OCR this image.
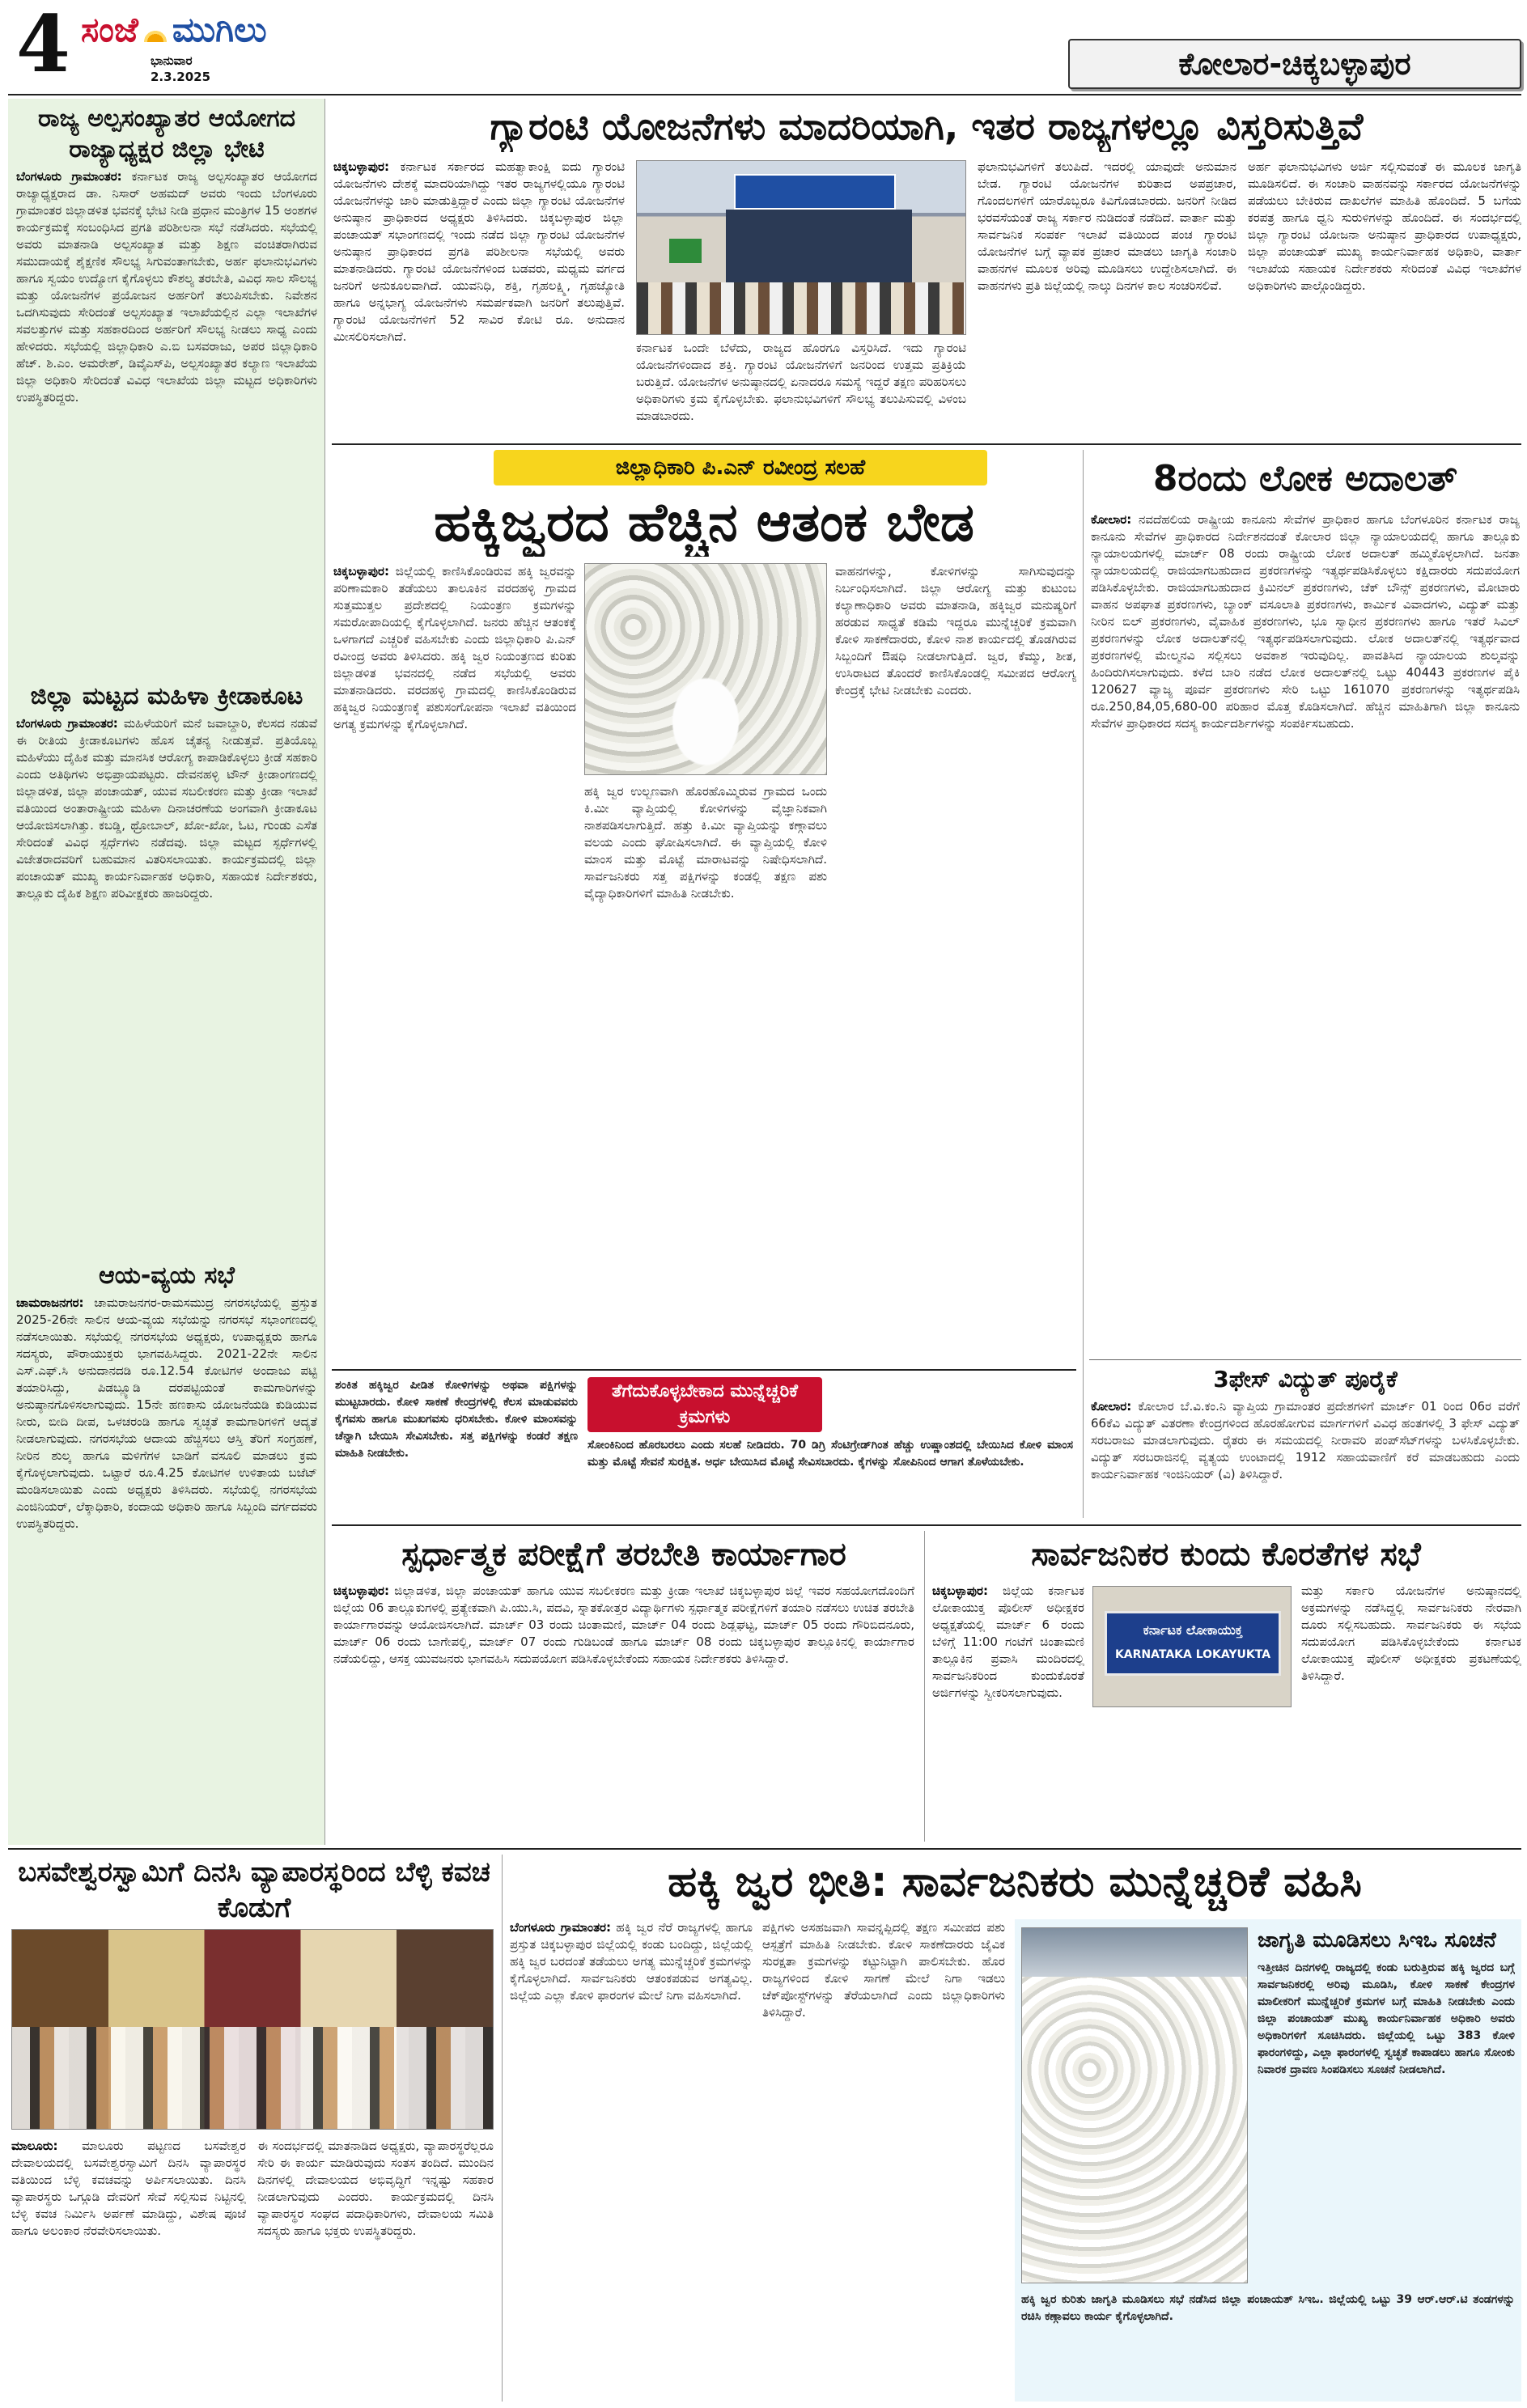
4 ಸಂಜೆ ಮುಗಿಲು
ಭಾನುವಾರ
2.3.2025	ಕೋಲಾರ-ಚಿಕ್ಕಬಳ್ಳಾಪುರ
ರಾಜ್ಯ ಅಲ್ಪಸಂಖ್ಯಾತರ ಆಯೋಗದ ರಾಜ್ಯಾಧ್ಯಕ್ಷರ ಜಿಲ್ಲಾ ಭೇಟಿ
ಬೆಂಗಳೂರು ಗ್ರಾಮಾಂತರ: ಕರ್ನಾಟಕ ರಾಜ್ಯ ಅಲ್ಪಸಂಖ್ಯಾತರ ಆಯೋಗದ ರಾಜ್ಯಾಧ್ಯಕ್ಷರಾದ ಡಾ. ನಿಸಾರ್ ಅಹಮದ್ ಅವರು ಇಂದು ಬೆಂಗಳೂರು ಗ್ರಾಮಾಂತರ ಜಿಲ್ಲಾಡಳಿತ ಭವನಕ್ಕೆ ಭೇಟಿ ನೀಡಿ ಪ್ರಧಾನ ಮಂತ್ರಿಗಳ 15 ಅಂಶಗಳ ಕಾರ್ಯಕ್ರಮಕ್ಕೆ ಸಂಬಂಧಿಸಿದ ಪ್ರಗತಿ ಪರಿಶೀಲನಾ ಸಭೆ ನಡೆಸಿದರು. ಸಭೆಯಲ್ಲಿ ಅವರು ಮಾತನಾಡಿ ಅಲ್ಪಸಂಖ್ಯಾತ ಮತ್ತು ಶಿಕ್ಷಣ ವಂಚಿತರಾಗಿರುವ ಸಮುದಾಯಕ್ಕೆ ಶೈಕ್ಷಣಿಕ ಸೌಲಭ್ಯ ಸಿಗುವಂತಾಗಬೇಕು, ಅರ್ಹ ಫಲಾನುಭವಿಗಳು ಹಾಗೂ ಸ್ವಯಂ ಉದ್ಯೋಗ ಕೈಗೊಳ್ಳಲು ಕೌಶಲ್ಯ ತರಬೇತಿ, ವಿವಿಧ ಸಾಲ ಸೌಲಭ್ಯ ಮತ್ತು ಯೋಜನೆಗಳ ಪ್ರಯೋಜನ ಅರ್ಹರಿಗೆ ತಲುಪಿಸಬೇಕು. ನಿವೇಶನ ಒದಗಿಸುವುದು ಸೇರಿದಂತೆ ಅಲ್ಪಸಂಖ್ಯಾತ ಇಲಾಖೆಯಲ್ಲಿನ ಎಲ್ಲಾ ಇಲಾಖೆಗಳ ಸವಲತ್ತುಗಳ ಮತ್ತು ಸಹಕಾರದಿಂದ ಅರ್ಹರಿಗೆ ಸೌಲಭ್ಯ ನೀಡಲು ಸಾಧ್ಯ ಎಂದು ಹೇಳಿದರು. ಸಭೆಯಲ್ಲಿ ಜಿಲ್ಲಾಧಿಕಾರಿ ಎ.ಬಿ ಬಸವರಾಜು, ಅಪರ ಜಿಲ್ಲಾಧಿಕಾರಿ ಹೆಚ್. ಶಿ.ಎಂ. ಅಮರೇಶ್, ಡಿವೈಎಸ್‌ಪಿ, ಅಲ್ಪಸಂಖ್ಯಾತರ ಕಲ್ಯಾಣ ಇಲಾಖೆಯ ಜಿಲ್ಲಾ ಅಧಿಕಾರಿ ಸೇರಿದಂತೆ ವಿವಿಧ ಇಲಾಖೆಯ ಜಿಲ್ಲಾ ಮಟ್ಟದ ಅಧಿಕಾರಿಗಳು ಉಪಸ್ಥಿತರಿದ್ದರು.
ಜಿಲ್ಲಾ ಮಟ್ಟದ ಮಹಿಳಾ ಕ್ರೀಡಾಕೂಟ
ಬೆಂಗಳೂರು ಗ್ರಾಮಾಂತರ: ಮಹಿಳೆಯರಿಗೆ ಮನೆ ಜವಾಬ್ದಾರಿ, ಕೆಲಸದ ನಡುವೆ ಈ ರೀತಿಯ ಕ್ರೀಡಾಕೂಟಗಳು ಹೊಸ ಚೈತನ್ಯ ನೀಡುತ್ತವೆ. ಪ್ರತಿಯೊಬ್ಬ ಮಹಿಳೆಯು ದೈಹಿಕ ಮತ್ತು ಮಾನಸಿಕ ಆರೋಗ್ಯ ಕಾಪಾಡಿಕೊಳ್ಳಲು ಕ್ರೀಡೆ ಸಹಕಾರಿ ಎಂದು ಅತಿಥಿಗಳು ಅಭಿಪ್ರಾಯಪಟ್ಟರು. ದೇವನಹಳ್ಳಿ ಟೌನ್ ಕ್ರೀಡಾಂಗಣದಲ್ಲಿ ಜಿಲ್ಲಾಡಳಿತ, ಜಿಲ್ಲಾ ಪಂಚಾಯತ್, ಯುವ ಸಬಲೀಕರಣ ಮತ್ತು ಕ್ರೀಡಾ ಇಲಾಖೆ ವತಿಯಿಂದ ಅಂತಾರಾಷ್ಟ್ರೀಯ ಮಹಿಳಾ ದಿನಾಚರಣೆಯ ಅಂಗವಾಗಿ ಕ್ರೀಡಾಕೂಟ ಆಯೋಜಿಸಲಾಗಿತ್ತು. ಕಬಡ್ಡಿ, ಥ್ರೋಬಾಲ್, ಖೋ-ಖೋ, ಓಟ, ಗುಂಡು ಎಸೆತ ಸೇರಿದಂತೆ ವಿವಿಧ ಸ್ಪರ್ಧೆಗಳು ನಡೆದವು. ಜಿಲ್ಲಾ ಮಟ್ಟದ ಸ್ಪರ್ಧೆಗಳಲ್ಲಿ ವಿಜೇತರಾದವರಿಗೆ ಬಹುಮಾನ ವಿತರಿಸಲಾಯಿತು. ಕಾರ್ಯಕ್ರಮದಲ್ಲಿ ಜಿಲ್ಲಾ ಪಂಚಾಯತ್ ಮುಖ್ಯ ಕಾರ್ಯನಿರ್ವಾಹಕ ಅಧಿಕಾರಿ, ಸಹಾಯಕ ನಿರ್ದೇಶಕರು, ತಾಲ್ಲೂಕು ದೈಹಿಕ ಶಿಕ್ಷಣ ಪರಿವೀಕ್ಷಕರು ಹಾಜರಿದ್ದರು.
ಆಯ-ವ್ಯಯ ಸಭೆ
ಚಾಮರಾಜನಗರ: ಚಾಮರಾಜನಗರ-ರಾಮಸಮುದ್ರ ನಗರಸಭೆಯಲ್ಲಿ ಪ್ರಸ್ತುತ 2025-26ನೇ ಸಾಲಿನ ಆಯ-ವ್ಯಯ ಸಭೆಯನ್ನು ನಗರಸಭೆ ಸಭಾಂಗಣದಲ್ಲಿ ನಡೆಸಲಾಯಿತು. ಸಭೆಯಲ್ಲಿ ನಗರಸಭೆಯ ಅಧ್ಯಕ್ಷರು, ಉಪಾಧ್ಯಕ್ಷರು ಹಾಗೂ ಸದಸ್ಯರು, ಪೌರಾಯುಕ್ತರು ಭಾಗವಹಿಸಿದ್ದರು. 2021-22ನೇ ಸಾಲಿನ ಎಸ್.ಎಫ್.ಸಿ ಅನುದಾನದಡಿ ರೂ.12.54 ಕೋಟಿಗಳ ಅಂದಾಜು ಪಟ್ಟಿ ತಯಾರಿಸಿದ್ದು, ಪಿಡಬ್ಲ್ಯೂಡಿ ದರಪಟ್ಟಿಯಂತೆ ಕಾಮಗಾರಿಗಳನ್ನು ಅನುಷ್ಠಾನಗೊಳಿಸಲಾಗುವುದು. 15ನೇ ಹಣಕಾಸು ಯೋಜನೆಯಡಿ ಕುಡಿಯುವ ನೀರು, ಬೀದಿ ದೀಪ, ಒಳಚರಂಡಿ ಹಾಗೂ ಸ್ವಚ್ಛತೆ ಕಾಮಗಾರಿಗಳಿಗೆ ಆದ್ಯತೆ ನೀಡಲಾಗುವುದು. ನಗರಸಭೆಯ ಆದಾಯ ಹೆಚ್ಚಿಸಲು ಆಸ್ತಿ ತೆರಿಗೆ ಸಂಗ್ರಹಣೆ, ನೀರಿನ ಶುಲ್ಕ ಹಾಗೂ ಮಳಿಗೆಗಳ ಬಾಡಿಗೆ ವಸೂಲಿ ಮಾಡಲು ಕ್ರಮ ಕೈಗೊಳ್ಳಲಾಗುವುದು. ಒಟ್ಟಾರೆ ರೂ.4.25 ಕೋಟಿಗಳ ಉಳಿತಾಯ ಬಜೆಟ್ ಮಂಡಿಸಲಾಯಿತು ಎಂದು ಅಧ್ಯಕ್ಷರು ತಿಳಿಸಿದರು. ಸಭೆಯಲ್ಲಿ ನಗರಸಭೆಯ ಎಂಜಿನಿಯರ್, ಲೆಕ್ಕಾಧಿಕಾರಿ, ಕಂದಾಯ ಅಧಿಕಾರಿ ಹಾಗೂ ಸಿಬ್ಬಂದಿ ವರ್ಗದವರು ಉಪಸ್ಥಿತರಿದ್ದರು.
ಗ್ಯಾರಂಟಿ ಯೋಜನೆಗಳು ಮಾದರಿಯಾಗಿ, ಇತರ ರಾಜ್ಯಗಳಲ್ಲೂ ವಿಸ್ತರಿಸುತ್ತಿವೆ
ಚಿಕ್ಕಬಳ್ಳಾಪುರ: ಕರ್ನಾಟಕ ಸರ್ಕಾರದ ಮಹತ್ವಾಕಾಂಕ್ಷಿ ಐದು ಗ್ಯಾರಂಟಿ ಯೋಜನೆಗಳು ದೇಶಕ್ಕೆ ಮಾದರಿಯಾಗಿದ್ದು ಇತರ ರಾಜ್ಯಗಳಲ್ಲಿಯೂ ಗ್ಯಾರಂಟಿ ಯೋಜನೆಗಳನ್ನು ಜಾರಿ ಮಾಡುತ್ತಿದ್ದಾರೆ ಎಂದು ಜಿಲ್ಲಾ ಗ್ಯಾರಂಟಿ ಯೋಜನೆಗಳ ಅನುಷ್ಠಾನ ಪ್ರಾಧಿಕಾರದ ಅಧ್ಯಕ್ಷರು ತಿಳಿಸಿದರು. ಚಿಕ್ಕಬಳ್ಳಾಪುರ ಜಿಲ್ಲಾ ಪಂಚಾಯತ್ ಸಭಾಂಗಣದಲ್ಲಿ ಇಂದು ನಡೆದ ಜಿಲ್ಲಾ ಗ್ಯಾರಂಟಿ ಯೋಜನೆಗಳ ಅನುಷ್ಠಾನ ಪ್ರಾಧಿಕಾರದ ಪ್ರಗತಿ ಪರಿಶೀಲನಾ ಸಭೆಯಲ್ಲಿ ಅವರು ಮಾತನಾಡಿದರು. ಗ್ಯಾರಂಟಿ ಯೋಜನೆಗಳಿಂದ ಬಡವರು, ಮಧ್ಯಮ ವರ್ಗದ ಜನರಿಗೆ ಅನುಕೂಲವಾಗಿದೆ. ಯುವನಿಧಿ, ಶಕ್ತಿ, ಗೃಹಲಕ್ಷ್ಮಿ, ಗೃಹಜ್ಯೋತಿ ಹಾಗೂ ಅನ್ನಭಾಗ್ಯ ಯೋಜನೆಗಳು ಸಮರ್ಪಕವಾಗಿ ಜನರಿಗೆ ತಲುಪುತ್ತಿವೆ. ಗ್ಯಾರಂಟಿ ಯೋಜನೆಗಳಿಗೆ 52 ಸಾವಿರ ಕೋಟಿ ರೂ. ಅನುದಾನ ಮೀಸಲಿರಿಸಲಾಗಿದೆ.
ಕರ್ನಾಟಕ ಒಂದೇ ಬೆಳೆದು, ರಾಜ್ಯದ ಹೊರಗೂ ವಿಸ್ತರಿಸಿದೆ. ಇದು ಗ್ಯಾರಂಟಿ ಯೋಜನೆಗಳಿಂದಾದ ಶಕ್ತಿ. ಗ್ಯಾರಂಟಿ ಯೋಜನೆಗಳಿಗೆ ಜನರಿಂದ ಉತ್ತಮ ಪ್ರತಿಕ್ರಿಯೆ ಬರುತ್ತಿದೆ. ಯೋಜನೆಗಳ ಅನುಷ್ಠಾನದಲ್ಲಿ ಏನಾದರೂ ಸಮಸ್ಯೆ ಇದ್ದರೆ ತಕ್ಷಣ ಪರಿಹರಿಸಲು ಅಧಿಕಾರಿಗಳು ಕ್ರಮ ಕೈಗೊಳ್ಳಬೇಕು. ಫಲಾನುಭವಿಗಳಿಗೆ ಸೌಲಭ್ಯ ತಲುಪಿಸುವಲ್ಲಿ ವಿಳಂಬ ಮಾಡಬಾರದು.
ಫಲಾನುಭವಿಗಳಿಗೆ ತಲುಪಿದೆ. ಇದರಲ್ಲಿ ಯಾವುದೇ ಅನುಮಾನ ಬೇಡ. ಗ್ಯಾರಂಟಿ ಯೋಜನೆಗಳ ಕುರಿತಾದ ಅಪಪ್ರಚಾರ, ಗೊಂದಲಗಳಿಗೆ ಯಾರೊಬ್ಬರೂ ಕಿವಿಗೊಡಬಾರದು. ಜನರಿಗೆ ನೀಡಿದ ಭರವಸೆಯಂತೆ ರಾಜ್ಯ ಸರ್ಕಾರ ನುಡಿದಂತೆ ನಡೆದಿದೆ. ವಾರ್ತಾ ಮತ್ತು ಸಾರ್ವಜನಿಕ ಸಂಪರ್ಕ ಇಲಾಖೆ ವತಿಯಿಂದ ಪಂಚ ಗ್ಯಾರಂಟಿ ಯೋಜನೆಗಳ ಬಗ್ಗೆ ವ್ಯಾಪಕ ಪ್ರಚಾರ ಮಾಡಲು ಜಾಗೃತಿ ಸಂಚಾರಿ ವಾಹನಗಳ ಮೂಲಕ ಅರಿವು ಮೂಡಿಸಲು ಉದ್ದೇಶಿಸಲಾಗಿದೆ. ಈ ವಾಹನಗಳು ಪ್ರತಿ ಜಿಲ್ಲೆಯಲ್ಲಿ ನಾಲ್ಕು ದಿನಗಳ ಕಾಲ ಸಂಚರಿಸಲಿವೆ.
ಅರ್ಹ ಫಲಾನುಭವಿಗಳು ಅರ್ಜಿ ಸಲ್ಲಿಸುವಂತೆ ಈ ಮೂಲಕ ಜಾಗೃತಿ ಮೂಡಿಸಲಿದೆ. ಈ ಸಂಚಾರಿ ವಾಹನವನ್ನು ಸರ್ಕಾರದ ಯೋಜನೆಗಳನ್ನು ಪಡೆಯಲು ಬೇಕಿರುವ ದಾಖಲೆಗಳ ಮಾಹಿತಿ ಹೊಂದಿದೆ. 5 ಬಗೆಯ ಕರಪತ್ರ ಹಾಗೂ ಧ್ವನಿ ಸುರುಳಿಗಳನ್ನು ಹೊಂದಿದೆ. ಈ ಸಂದರ್ಭದಲ್ಲಿ ಜಿಲ್ಲಾ ಗ್ಯಾರಂಟಿ ಯೋಜನಾ ಅನುಷ್ಠಾನ ಪ್ರಾಧಿಕಾರದ ಉಪಾಧ್ಯಕ್ಷರು, ಜಿಲ್ಲಾ ಪಂಚಾಯತ್ ಮುಖ್ಯ ಕಾರ್ಯನಿರ್ವಾಹಕ ಅಧಿಕಾರಿ, ವಾರ್ತಾ ಇಲಾಖೆಯ ಸಹಾಯಕ ನಿರ್ದೇಶಕರು ಸೇರಿದಂತೆ ವಿವಿಧ ಇಲಾಖೆಗಳ ಅಧಿಕಾರಿಗಳು ಪಾಲ್ಗೊಂಡಿದ್ದರು.
ಜಿಲ್ಲಾಧಿಕಾರಿ ಪಿ.ಎನ್ ರವೀಂದ್ರ ಸಲಹೆ
ಹಕ್ಕಿಜ್ವರದ ಹೆಚ್ಚಿನ ಆತಂಕ ಬೇಡ
ಚಿಕ್ಕಬಳ್ಳಾಪುರ: ಜಿಲ್ಲೆಯಲ್ಲಿ ಕಾಣಿಸಿಕೊಂಡಿರುವ ಹಕ್ಕಿ ಜ್ವರವನ್ನು ಪರಿಣಾಮಕಾರಿ ತಡೆಯಲು ತಾಲೂಕಿನ ವರದಹಳ್ಳಿ ಗ್ರಾಮದ ಸುತ್ತಮುತ್ತಲ ಪ್ರದೇಶದಲ್ಲಿ ನಿಯಂತ್ರಣ ಕ್ರಮಗಳನ್ನು ಸಮರೋಪಾದಿಯಲ್ಲಿ ಕೈಗೊಳ್ಳಲಾಗಿದೆ. ಜನರು ಹೆಚ್ಚಿನ ಆತಂಕಕ್ಕೆ ಒಳಗಾಗದೆ ಎಚ್ಚರಿಕೆ ವಹಿಸಬೇಕು ಎಂದು ಜಿಲ್ಲಾಧಿಕಾರಿ ಪಿ.ಎನ್ ರವೀಂದ್ರ ಅವರು ತಿಳಿಸಿದರು. ಹಕ್ಕಿ ಜ್ವರ ನಿಯಂತ್ರಣದ ಕುರಿತು ಜಿಲ್ಲಾಡಳಿತ ಭವನದಲ್ಲಿ ನಡೆದ ಸಭೆಯಲ್ಲಿ ಅವರು ಮಾತನಾಡಿದರು. ವರದಹಳ್ಳಿ ಗ್ರಾಮದಲ್ಲಿ ಕಾಣಿಸಿಕೊಂಡಿರುವ ಹಕ್ಕಿಜ್ವರ ನಿಯಂತ್ರಣಕ್ಕೆ ಪಶುಸಂಗೋಪನಾ ಇಲಾಖೆ ವತಿಯಿಂದ ಅಗತ್ಯ ಕ್ರಮಗಳನ್ನು ಕೈಗೊಳ್ಳಲಾಗಿದೆ.
ಹಕ್ಕಿ ಜ್ವರ ಉಲ್ಬಣವಾಗಿ ಹೊರಹೊಮ್ಮಿರುವ ಗ್ರಾಮದ ಒಂದು ಕಿ.ಮೀ ವ್ಯಾಪ್ತಿಯಲ್ಲಿ ಕೋಳಿಗಳನ್ನು ವೈಜ್ಞಾನಿಕವಾಗಿ ನಾಶಪಡಿಸಲಾಗುತ್ತಿದೆ. ಹತ್ತು ಕಿ.ಮೀ ವ್ಯಾಪ್ತಿಯನ್ನು ಕಣ್ಗಾವಲು ವಲಯ ಎಂದು ಘೋಷಿಸಲಾಗಿದೆ. ಈ ವ್ಯಾಪ್ತಿಯಲ್ಲಿ ಕೋಳಿ ಮಾಂಸ ಮತ್ತು ಮೊಟ್ಟೆ ಮಾರಾಟವನ್ನು ನಿಷೇಧಿಸಲಾಗಿದೆ. ಸಾರ್ವಜನಿಕರು ಸತ್ತ ಪಕ್ಷಿಗಳನ್ನು ಕಂಡಲ್ಲಿ ತಕ್ಷಣ ಪಶು ವೈದ್ಯಾಧಿಕಾರಿಗಳಿಗೆ ಮಾಹಿತಿ ನೀಡಬೇಕು.
ವಾಹನಗಳನ್ನು, ಕೋಳಿಗಳನ್ನು ಸಾಗಿಸುವುದನ್ನು ನಿರ್ಬಂಧಿಸಲಾಗಿದೆ. ಜಿಲ್ಲಾ ಆರೋಗ್ಯ ಮತ್ತು ಕುಟುಂಬ ಕಲ್ಯಾಣಾಧಿಕಾರಿ ಅವರು ಮಾತನಾಡಿ, ಹಕ್ಕಿಜ್ವರ ಮನುಷ್ಯರಿಗೆ ಹರಡುವ ಸಾಧ್ಯತೆ ಕಡಿಮೆ ಇದ್ದರೂ ಮುನ್ನೆಚ್ಚರಿಕೆ ಕ್ರಮವಾಗಿ ಕೋಳಿ ಸಾಕಣೆದಾರರು, ಕೋಳಿ ನಾಶ ಕಾರ್ಯದಲ್ಲಿ ತೊಡಗಿರುವ ಸಿಬ್ಬಂದಿಗೆ ಔಷಧಿ ನೀಡಲಾಗುತ್ತಿದೆ. ಜ್ವರ, ಕೆಮ್ಮು, ಶೀತ, ಉಸಿರಾಟದ ತೊಂದರೆ ಕಾಣಿಸಿಕೊಂಡಲ್ಲಿ ಸಮೀಪದ ಆರೋಗ್ಯ ಕೇಂದ್ರಕ್ಕೆ ಭೇಟಿ ನೀಡಬೇಕು ಎಂದರು.
ಶಂಕಿತ ಹಕ್ಕಿಜ್ವರ ಪೀಡಿತ ಕೋಳಿಗಳನ್ನು ಅಥವಾ ಪಕ್ಷಿಗಳನ್ನು ಮುಟ್ಟಬಾರದು. ಕೋಳಿ ಸಾಕಣೆ ಕೇಂದ್ರಗಳಲ್ಲಿ ಕೆಲಸ ಮಾಡುವವರು ಕೈಗವಸು ಹಾಗೂ ಮುಖಗವಸು ಧರಿಸಬೇಕು. ಕೋಳಿ ಮಾಂಸವನ್ನು ಚೆನ್ನಾಗಿ ಬೇಯಿಸಿ ಸೇವಿಸಬೇಕು. ಸತ್ತ ಪಕ್ಷಿಗಳನ್ನು ಕಂಡರೆ ತಕ್ಷಣ ಮಾಹಿತಿ ನೀಡಬೇಕು.
ತೆಗೆದುಕೊಳ್ಳಬೇಕಾದ ಮುನ್ನೆಚ್ಚರಿಕೆ ಕ್ರಮಗಳು
ಸೋಂಕಿನಿಂದ ಹೊರಬರಲು ಎಂದು ಸಲಹೆ ನೀಡಿದರು. 70 ಡಿಗ್ರಿ ಸೆಂಟಿಗ್ರೇಡ್‌ಗಿಂತ ಹೆಚ್ಚು ಉಷ್ಣಾಂಶದಲ್ಲಿ ಬೇಯಿಸಿದ ಕೋಳಿ ಮಾಂಸ ಮತ್ತು ಮೊಟ್ಟೆ ಸೇವನೆ ಸುರಕ್ಷಿತ. ಅರ್ಧ ಬೇಯಿಸಿದ ಮೊಟ್ಟೆ ಸೇವಿಸಬಾರದು. ಕೈಗಳನ್ನು ಸೋಪಿನಿಂದ ಆಗಾಗ ತೊಳೆಯಬೇಕು.
8ರಂದು ಲೋಕ ಅದಾಲತ್
ಕೋಲಾರ: ನವದೆಹಲಿಯ ರಾಷ್ಟ್ರೀಯ ಕಾನೂನು ಸೇವೆಗಳ ಪ್ರಾಧಿಕಾರ ಹಾಗೂ ಬೆಂಗಳೂರಿನ ಕರ್ನಾಟಕ ರಾಜ್ಯ ಕಾನೂನು ಸೇವೆಗಳ ಪ್ರಾಧಿಕಾರದ ನಿರ್ದೇಶನದಂತೆ ಕೋಲಾರ ಜಿಲ್ಲಾ ನ್ಯಾಯಾಲಯದಲ್ಲಿ ಹಾಗೂ ತಾಲ್ಲೂಕು ನ್ಯಾಯಾಲಯಗಳಲ್ಲಿ ಮಾರ್ಚ್ 08 ರಂದು ರಾಷ್ಟ್ರೀಯ ಲೋಕ ಅದಾಲತ್ ಹಮ್ಮಿಕೊಳ್ಳಲಾಗಿದೆ. ಜನತಾ ನ್ಯಾಯಾಲಯದಲ್ಲಿ ರಾಜಿಯಾಗಬಹುದಾದ ಪ್ರಕರಣಗಳನ್ನು ಇತ್ಯರ್ಥಪಡಿಸಿಕೊಳ್ಳಲು ಕಕ್ಷಿದಾರರು ಸದುಪಯೋಗ ಪಡಿಸಿಕೊಳ್ಳಬೇಕು. ರಾಜಿಯಾಗಬಹುದಾದ ಕ್ರಿಮಿನಲ್ ಪ್ರಕರಣಗಳು, ಚೆಕ್ ಬೌನ್ಸ್ ಪ್ರಕರಣಗಳು, ಮೋಟಾರು ವಾಹನ ಅಪಘಾತ ಪ್ರಕರಣಗಳು, ಬ್ಯಾಂಕ್ ವಸೂಲಾತಿ ಪ್ರಕರಣಗಳು, ಕಾರ್ಮಿಕ ವಿವಾದಗಳು, ವಿದ್ಯುತ್ ಮತ್ತು ನೀರಿನ ಬಿಲ್ ಪ್ರಕರಣಗಳು, ವೈವಾಹಿಕ ಪ್ರಕರಣಗಳು, ಭೂ ಸ್ವಾಧೀನ ಪ್ರಕರಣಗಳು ಹಾಗೂ ಇತರೆ ಸಿವಿಲ್ ಪ್ರಕರಣಗಳನ್ನು ಲೋಕ ಅದಾಲತ್‌ನಲ್ಲಿ ಇತ್ಯರ್ಥಪಡಿಸಲಾಗುವುದು. ಲೋಕ ಅದಾಲತ್‌ನಲ್ಲಿ ಇತ್ಯರ್ಥವಾದ ಪ್ರಕರಣಗಳಲ್ಲಿ ಮೇಲ್ಮನವಿ ಸಲ್ಲಿಸಲು ಅವಕಾಶ ಇರುವುದಿಲ್ಲ. ಪಾವತಿಸಿದ ನ್ಯಾಯಾಲಯ ಶುಲ್ಕವನ್ನು ಹಿಂದಿರುಗಿಸಲಾಗುವುದು. ಕಳೆದ ಬಾರಿ ನಡೆದ ಲೋಕ ಅದಾಲತ್‌ನಲ್ಲಿ ಒಟ್ಟು 40443 ಪ್ರಕರಣಗಳ ಪೈಕಿ 120627 ವ್ಯಾಜ್ಯ ಪೂರ್ವ ಪ್ರಕರಣಗಳು ಸೇರಿ ಒಟ್ಟು 161070 ಪ್ರಕರಣಗಳನ್ನು ಇತ್ಯರ್ಥಪಡಿಸಿ ರೂ.250,84,05,680-00 ಪರಿಹಾರ ಮೊತ್ತ ಕೊಡಿಸಲಾಗಿದೆ. ಹೆಚ್ಚಿನ ಮಾಹಿತಿಗಾಗಿ ಜಿಲ್ಲಾ ಕಾನೂನು ಸೇವೆಗಳ ಪ್ರಾಧಿಕಾರದ ಸದಸ್ಯ ಕಾರ್ಯದರ್ಶಿಗಳನ್ನು ಸಂಪರ್ಕಿಸಬಹುದು.
3ಫೇಸ್ ವಿದ್ಯುತ್ ಪೂರೈಕೆ
ಕೋಲಾರ: ಕೋಲಾರ ಬೆ.ವಿ.ಕಂ.ನಿ ವ್ಯಾಪ್ತಿಯ ಗ್ರಾಮಾಂತರ ಪ್ರದೇಶಗಳಿಗೆ ಮಾರ್ಚ್ 01 ರಿಂದ 06ರ ವರೆಗೆ 66ಕೆವಿ ವಿದ್ಯುತ್ ವಿತರಣಾ ಕೇಂದ್ರಗಳಿಂದ ಹೊರಹೋಗುವ ಮಾರ್ಗಗಳಿಗೆ ವಿವಿಧ ಹಂತಗಳಲ್ಲಿ 3 ಫೇಸ್ ವಿದ್ಯುತ್ ಸರಬರಾಜು ಮಾಡಲಾಗುವುದು. ರೈತರು ಈ ಸಮಯದಲ್ಲಿ ನೀರಾವರಿ ಪಂಪ್‌ಸೆಟ್‌ಗಳನ್ನು ಬಳಸಿಕೊಳ್ಳಬೇಕು. ವಿದ್ಯುತ್ ಸರಬರಾಜಿನಲ್ಲಿ ವ್ಯತ್ಯಯ ಉಂಟಾದಲ್ಲಿ 1912 ಸಹಾಯವಾಣಿಗೆ ಕರೆ ಮಾಡಬಹುದು ಎಂದು ಕಾರ್ಯನಿರ್ವಾಹಕ ಇಂಜಿನಿಯರ್ (ವಿ) ತಿಳಿಸಿದ್ದಾರೆ.
ಸ್ಪರ್ಧಾತ್ಮಕ ಪರೀಕ್ಷೆಗೆ ತರಬೇತಿ ಕಾರ್ಯಾಗಾರ
ಚಿಕ್ಕಬಳ್ಳಾಪುರ: ಜಿಲ್ಲಾಡಳಿತ, ಜಿಲ್ಲಾ ಪಂಚಾಯತ್ ಹಾಗೂ ಯುವ ಸಬಲೀಕರಣ ಮತ್ತು ಕ್ರೀಡಾ ಇಲಾಖೆ ಚಿಕ್ಕಬಳ್ಳಾಪುರ ಜಿಲ್ಲೆ ಇವರ ಸಹಯೋಗದೊಂದಿಗೆ ಜಿಲ್ಲೆಯ 06 ತಾಲ್ಲೂಕುಗಳಲ್ಲಿ ಪ್ರತ್ಯೇಕವಾಗಿ ಪಿ.ಯು.ಸಿ, ಪದವಿ, ಸ್ನಾತಕೋತ್ತರ ವಿದ್ಯಾರ್ಥಿಗಳು ಸ್ಪರ್ಧಾತ್ಮಕ ಪರೀಕ್ಷೆಗಳಿಗೆ ತಯಾರಿ ನಡೆಸಲು ಉಚಿತ ತರಬೇತಿ ಕಾರ್ಯಾಗಾರವನ್ನು ಆಯೋಜಿಸಲಾಗಿದೆ. ಮಾರ್ಚ್ 03 ರಂದು ಚಿಂತಾಮಣಿ, ಮಾರ್ಚ್ 04 ರಂದು ಶಿಡ್ಲಘಟ್ಟ, ಮಾರ್ಚ್ 05 ರಂದು ಗೌರಿಬಿದನೂರು, ಮಾರ್ಚ್ 06 ರಂದು ಬಾಗೇಪಲ್ಲಿ, ಮಾರ್ಚ್ 07 ರಂದು ಗುಡಿಬಂಡೆ ಹಾಗೂ ಮಾರ್ಚ್ 08 ರಂದು ಚಿಕ್ಕಬಳ್ಳಾಪುರ ತಾಲ್ಲೂಕಿನಲ್ಲಿ ಕಾರ್ಯಾಗಾರ ನಡೆಯಲಿದ್ದು, ಆಸಕ್ತ ಯುವಜನರು ಭಾಗವಹಿಸಿ ಸದುಪಯೋಗ ಪಡಿಸಿಕೊಳ್ಳಬೇಕೆಂದು ಸಹಾಯಕ ನಿರ್ದೇಶಕರು ತಿಳಿಸಿದ್ದಾರೆ.
ಸಾರ್ವಜನಿಕರ ಕುಂದು ಕೊರತೆಗಳ ಸಭೆ
ಚಿಕ್ಕಬಳ್ಳಾಪುರ: ಜಿಲ್ಲೆಯ ಕರ್ನಾಟಕ ಲೋಕಾಯುಕ್ತ ಪೊಲೀಸ್ ಅಧೀಕ್ಷಕರ ಅಧ್ಯಕ್ಷತೆಯಲ್ಲಿ ಮಾರ್ಚ್ 6 ರಂದು ಬೆಳಿಗ್ಗೆ 11:00 ಗಂಟೆಗೆ ಚಿಂತಾಮಣಿ ತಾಲ್ಲೂಕಿನ ಪ್ರವಾಸಿ ಮಂದಿರದಲ್ಲಿ ಸಾರ್ವಜನಿಕರಿಂದ ಕುಂದುಕೊರತೆ ಅರ್ಜಿಗಳನ್ನು ಸ್ವೀಕರಿಸಲಾಗುವುದು.
ಕರ್ನಾಟಕ ಲೋಕಾಯುಕ್ತ
KARNATAKA LOKAYUKTA
ಮತ್ತು ಸರ್ಕಾರಿ ಯೋಜನೆಗಳ ಅನುಷ್ಠಾನದಲ್ಲಿ ಅಕ್ರಮಗಳನ್ನು ನಡೆಸಿದ್ದಲ್ಲಿ ಸಾರ್ವಜನಿಕರು ನೇರವಾಗಿ ದೂರು ಸಲ್ಲಿಸಬಹುದು. ಸಾರ್ವಜನಿಕರು ಈ ಸಭೆಯ ಸದುಪಯೋಗ ಪಡಿಸಿಕೊಳ್ಳಬೇಕೆಂದು ಕರ್ನಾಟಕ ಲೋಕಾಯುಕ್ತ ಪೊಲೀಸ್ ಅಧೀಕ್ಷಕರು ಪ್ರಕಟಣೆಯಲ್ಲಿ ತಿಳಿಸಿದ್ದಾರೆ.
ಬಸವೇಶ್ವರಸ್ವಾಮಿಗೆ ದಿನಸಿ ವ್ಯಾಪಾರಸ್ಥರಿಂದ ಬೆಳ್ಳಿ ಕವಚ ಕೊಡುಗೆ
ಮಾಲೂರು: ಮಾಲೂರು ಪಟ್ಟಣದ ಬಸವೇಶ್ವರ ದೇವಾಲಯದಲ್ಲಿ ಬಸವೇಶ್ವರಸ್ವಾಮಿಗೆ ದಿನಸಿ ವ್ಯಾಪಾರಸ್ಥರ ವತಿಯಿಂದ ಬೆಳ್ಳಿ ಕವಚವನ್ನು ಅರ್ಪಿಸಲಾಯಿತು. ದಿನಸಿ ವ್ಯಾಪಾರಸ್ಥರು ಒಗ್ಗೂಡಿ ದೇವರಿಗೆ ಸೇವೆ ಸಲ್ಲಿಸುವ ನಿಟ್ಟಿನಲ್ಲಿ ಬೆಳ್ಳಿ ಕವಚ ನಿರ್ಮಿಸಿ ಅರ್ಪಣೆ ಮಾಡಿದ್ದು, ವಿಶೇಷ ಪೂಜೆ ಹಾಗೂ ಅಲಂಕಾರ ನೆರವೇರಿಸಲಾಯಿತು.
ಈ ಸಂದರ್ಭದಲ್ಲಿ ಮಾತನಾಡಿದ ಅಧ್ಯಕ್ಷರು, ವ್ಯಾಪಾರಸ್ಥರೆಲ್ಲರೂ ಸೇರಿ ಈ ಕಾರ್ಯ ಮಾಡಿರುವುದು ಸಂತಸ ತಂದಿದೆ. ಮುಂದಿನ ದಿನಗಳಲ್ಲಿ ದೇವಾಲಯದ ಅಭಿವೃದ್ಧಿಗೆ ಇನ್ನಷ್ಟು ಸಹಕಾರ ನೀಡಲಾಗುವುದು ಎಂದರು. ಕಾರ್ಯಕ್ರಮದಲ್ಲಿ ದಿನಸಿ ವ್ಯಾಪಾರಸ್ಥರ ಸಂಘದ ಪದಾಧಿಕಾರಿಗಳು, ದೇವಾಲಯ ಸಮಿತಿ ಸದಸ್ಯರು ಹಾಗೂ ಭಕ್ತರು ಉಪಸ್ಥಿತರಿದ್ದರು.
ಹಕ್ಕಿ ಜ್ವರ ಭೀತಿ: ಸಾರ್ವಜನಿಕರು ಮುನ್ನೆಚ್ಚರಿಕೆ ವಹಿಸಿ
ಬೆಂಗಳೂರು ಗ್ರಾಮಾಂತರ: ಹಕ್ಕಿ ಜ್ವರ ನೆರೆ ರಾಜ್ಯಗಳಲ್ಲಿ ಹಾಗೂ ಪ್ರಸ್ತುತ ಚಿಕ್ಕಬಳ್ಳಾಪುರ ಜಿಲ್ಲೆಯಲ್ಲಿ ಕಂಡು ಬಂದಿದ್ದು, ಜಿಲ್ಲೆಯಲ್ಲಿ ಹಕ್ಕಿ ಜ್ವರ ಬರದಂತೆ ತಡೆಯಲು ಅಗತ್ಯ ಮುನ್ನೆಚ್ಚರಿಕೆ ಕ್ರಮಗಳನ್ನು ಕೈಗೊಳ್ಳಲಾಗಿದೆ. ಸಾರ್ವಜನಿಕರು ಆತಂಕಪಡುವ ಅಗತ್ಯವಿಲ್ಲ. ಜಿಲ್ಲೆಯ ಎಲ್ಲಾ ಕೋಳಿ ಫಾರಂಗಳ ಮೇಲೆ ನಿಗಾ ವಹಿಸಲಾಗಿದೆ.
ಪಕ್ಷಿಗಳು ಅಸಹಜವಾಗಿ ಸಾವನ್ನಪ್ಪಿದಲ್ಲಿ ತಕ್ಷಣ ಸಮೀಪದ ಪಶು ಆಸ್ಪತ್ರೆಗೆ ಮಾಹಿತಿ ನೀಡಬೇಕು. ಕೋಳಿ ಸಾಕಣೆದಾರರು ಜೈವಿಕ ಸುರಕ್ಷತಾ ಕ್ರಮಗಳನ್ನು ಕಟ್ಟುನಿಟ್ಟಾಗಿ ಪಾಲಿಸಬೇಕು. ಹೊರ ರಾಜ್ಯಗಳಿಂದ ಕೋಳಿ ಸಾಗಣೆ ಮೇಲೆ ನಿಗಾ ಇಡಲು ಚೆಕ್‌ಪೋಸ್ಟ್‌ಗಳನ್ನು ತೆರೆಯಲಾಗಿದೆ ಎಂದು ಜಿಲ್ಲಾಧಿಕಾರಿಗಳು ತಿಳಿಸಿದ್ದಾರೆ.
ಜಾಗೃತಿ ಮೂಡಿಸಲು ಸಿಇಒ ಸೂಚನೆ
ಇತ್ತೀಚಿನ ದಿನಗಳಲ್ಲಿ ರಾಜ್ಯದಲ್ಲಿ ಕಂಡು ಬರುತ್ತಿರುವ ಹಕ್ಕಿ ಜ್ವರದ ಬಗ್ಗೆ ಸಾರ್ವಜನಿಕರಲ್ಲಿ ಅರಿವು ಮೂಡಿಸಿ, ಕೋಳಿ ಸಾಕಣೆ ಕೇಂದ್ರಗಳ ಮಾಲೀಕರಿಗೆ ಮುನ್ನೆಚ್ಚರಿಕೆ ಕ್ರಮಗಳ ಬಗ್ಗೆ ಮಾಹಿತಿ ನೀಡಬೇಕು ಎಂದು ಜಿಲ್ಲಾ ಪಂಚಾಯತ್ ಮುಖ್ಯ ಕಾರ್ಯನಿರ್ವಾಹಕ ಅಧಿಕಾರಿ ಅವರು ಅಧಿಕಾರಿಗಳಿಗೆ ಸೂಚಿಸಿದರು. ಜಿಲ್ಲೆಯಲ್ಲಿ ಒಟ್ಟು 383 ಕೋಳಿ ಫಾರಂಗಳಿದ್ದು, ಎಲ್ಲಾ ಫಾರಂಗಳಲ್ಲಿ ಸ್ವಚ್ಛತೆ ಕಾಪಾಡಲು ಹಾಗೂ ಸೋಂಕು ನಿವಾರಕ ದ್ರಾವಣ ಸಿಂಪಡಿಸಲು ಸೂಚನೆ ನೀಡಲಾಗಿದೆ.
ಹಕ್ಕಿ ಜ್ವರ ಕುರಿತು ಜಾಗೃತಿ ಮೂಡಿಸಲು ಸಭೆ ನಡೆಸಿದ ಜಿಲ್ಲಾ ಪಂಚಾಯತ್ ಸಿಇಒ. ಜಿಲ್ಲೆಯಲ್ಲಿ ಒಟ್ಟು 39 ಆರ್.ಆರ್.ಟಿ ತಂಡಗಳನ್ನು ರಚಿಸಿ ಕಣ್ಗಾವಲು ಕಾರ್ಯ ಕೈಗೊಳ್ಳಲಾಗಿದೆ.
